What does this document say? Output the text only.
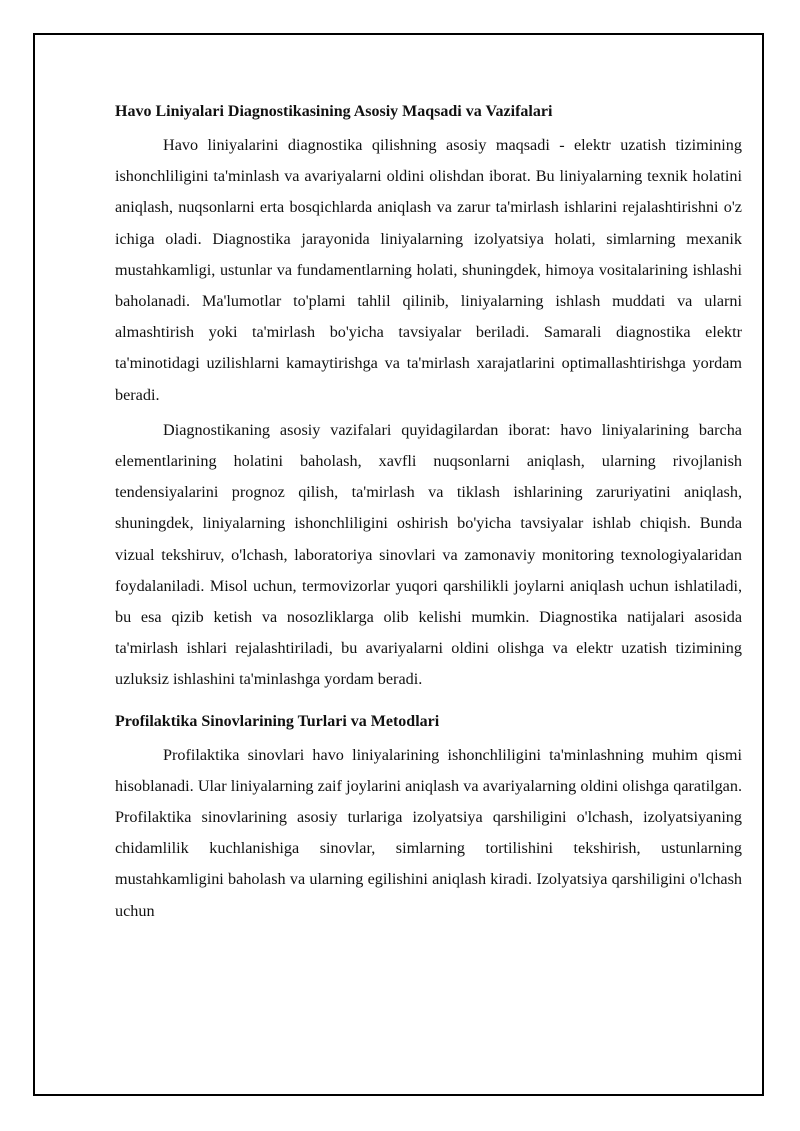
Havo Liniyalari Diagnostikasining Asosiy Maqsadi va Vazifalari

Havo liniyalarini diagnostika qilishning asosiy maqsadi - elektr uzatish tizimining ishonchliligini ta'minlash va avariyalarni oldini olishdan iborat. Bu liniyalarning texnik holatini aniqlash, nuqsonlarni erta bosqichlarda aniqlash va zarur ta'mirlash ishlarini rejalashtirishni o'z ichiga oladi. Diagnostika jarayonida liniyalarning izolyatsiya holati, simlarning mexanik mustahkamligi, ustunlar va fundamentlarning holati, shuningdek, himoya vositalarining ishlashi baholanadi. Ma'lumotlar to'plami tahlil qilinib, liniyalarning ishlash muddati va ularni almashtirish yoki ta'mirlash bo'yicha tavsiyalar beriladi. Samarali diagnostika elektr ta'minotidagi uzilishlarni kamaytirishga va ta'mirlash xarajatlarini optimallashtirishga yordam beradi.

Diagnostikaning asosiy vazifalari quyidagilardan iborat: havo liniyalarining barcha elementlarining holatini baholash, xavfli nuqsonlarni aniqlash, ularning rivojlanish tendensiyalarini prognoz qilish, ta'mirlash va tiklash ishlarining zaruriyatini aniqlash, shuningdek, liniyalarning ishonchliligini oshirish bo'yicha tavsiyalar ishlab chiqish. Bunda vizual tekshiruv, o'lchash, laboratoriya sinovlari va zamonaviy monitoring texnologiyalaridan foydalaniladi. Misol uchun, termovizorlar yuqori qarshilikli joylarni aniqlash uchun ishlatiladi, bu esa qizib ketish va nosozliklarga olib kelishi mumkin. Diagnostika natijalari asosida ta'mirlash ishlari rejalashtiriladi, bu avariyalarni oldini olishga va elektr uzatish tizimining uzluksiz ishlashini ta'minlashga yordam beradi.

Profilaktika Sinovlarining Turlari va Metodlari

Profilaktika sinovlari havo liniyalarining ishonchliligini ta'minlashning muhim qismi hisoblanadi. Ular liniyalarning zaif joylarini aniqlash va avariyalarning oldini olishga qaratilgan. Profilaktika sinovlarining asosiy turlariga izolyatsiya qarshiligini o'lchash, izolyatsiyaning chidamlilik kuchlanishiga sinovlar, simlarning tortilishini tekshirish, ustunlarning mustahkamligini baholash va ularning egilishini aniqlash kiradi. Izolyatsiya qarshiligini o'lchash uchun
